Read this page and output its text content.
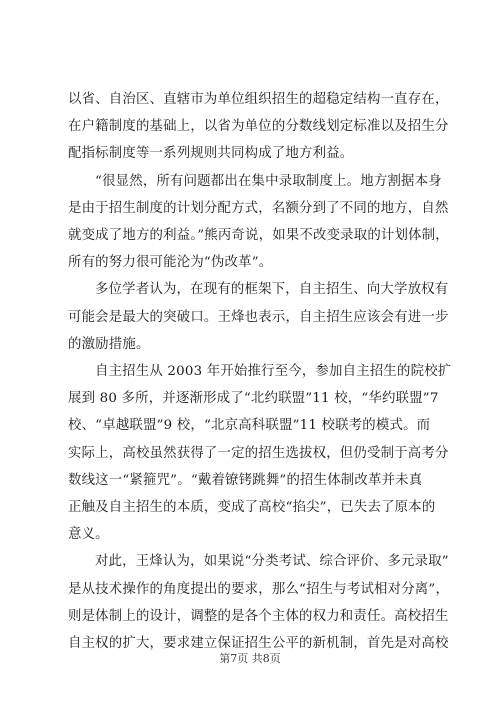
以省、自治区、直辖市为单位组织招生的超稳定结构一直存在，
在户籍制度的基础上，以省为单位的分数线划定标准以及招生分
配指标制度等一系列规则共同构成了地方利益。

“很显然，所有问题都出在集中录取制度上。地方割据本身
是由于招生制度的计划分配方式，名额分到了不同的地方，自然
就变成了地方的利益。”熊丙奇说，如果不改变录取的计划体制，
所有的努力很可能沦为“伪改革”。

多位学者认为，在现有的框架下，自主招生、向大学放权有
可能会是最大的突破口。王烽也表示，自主招生应该会有进一步
的激励措施。

自主招生从 2003 年开始推行至今，参加自主招生的院校扩
展到 80 多所，并逐渐形成了“北约联盟”11 校，“华约联盟”7
校、“卓越联盟”9 校，“北京高科联盟”11 校联考的模式。而
实际上，高校虽然获得了一定的招生选拔权，但仍受制于高考分
数线这一“紧箍咒”。“戴着镣铐跳舞”的招生体制改革并未真
正触及自主招生的本质，变成了高校“掐尖”，已失去了原本的
意义。

对此，王烽认为，如果说“分类考试、综合评价、多元录取”
是从技术操作的角度提出的要求，那么“招生与考试相对分离”，
则是体制上的设计，调整的是各个主体的权力和责任。高校招生
自主权的扩大，要求建立保证招生公平的新机制，首先是对高校

第7页 共8页
